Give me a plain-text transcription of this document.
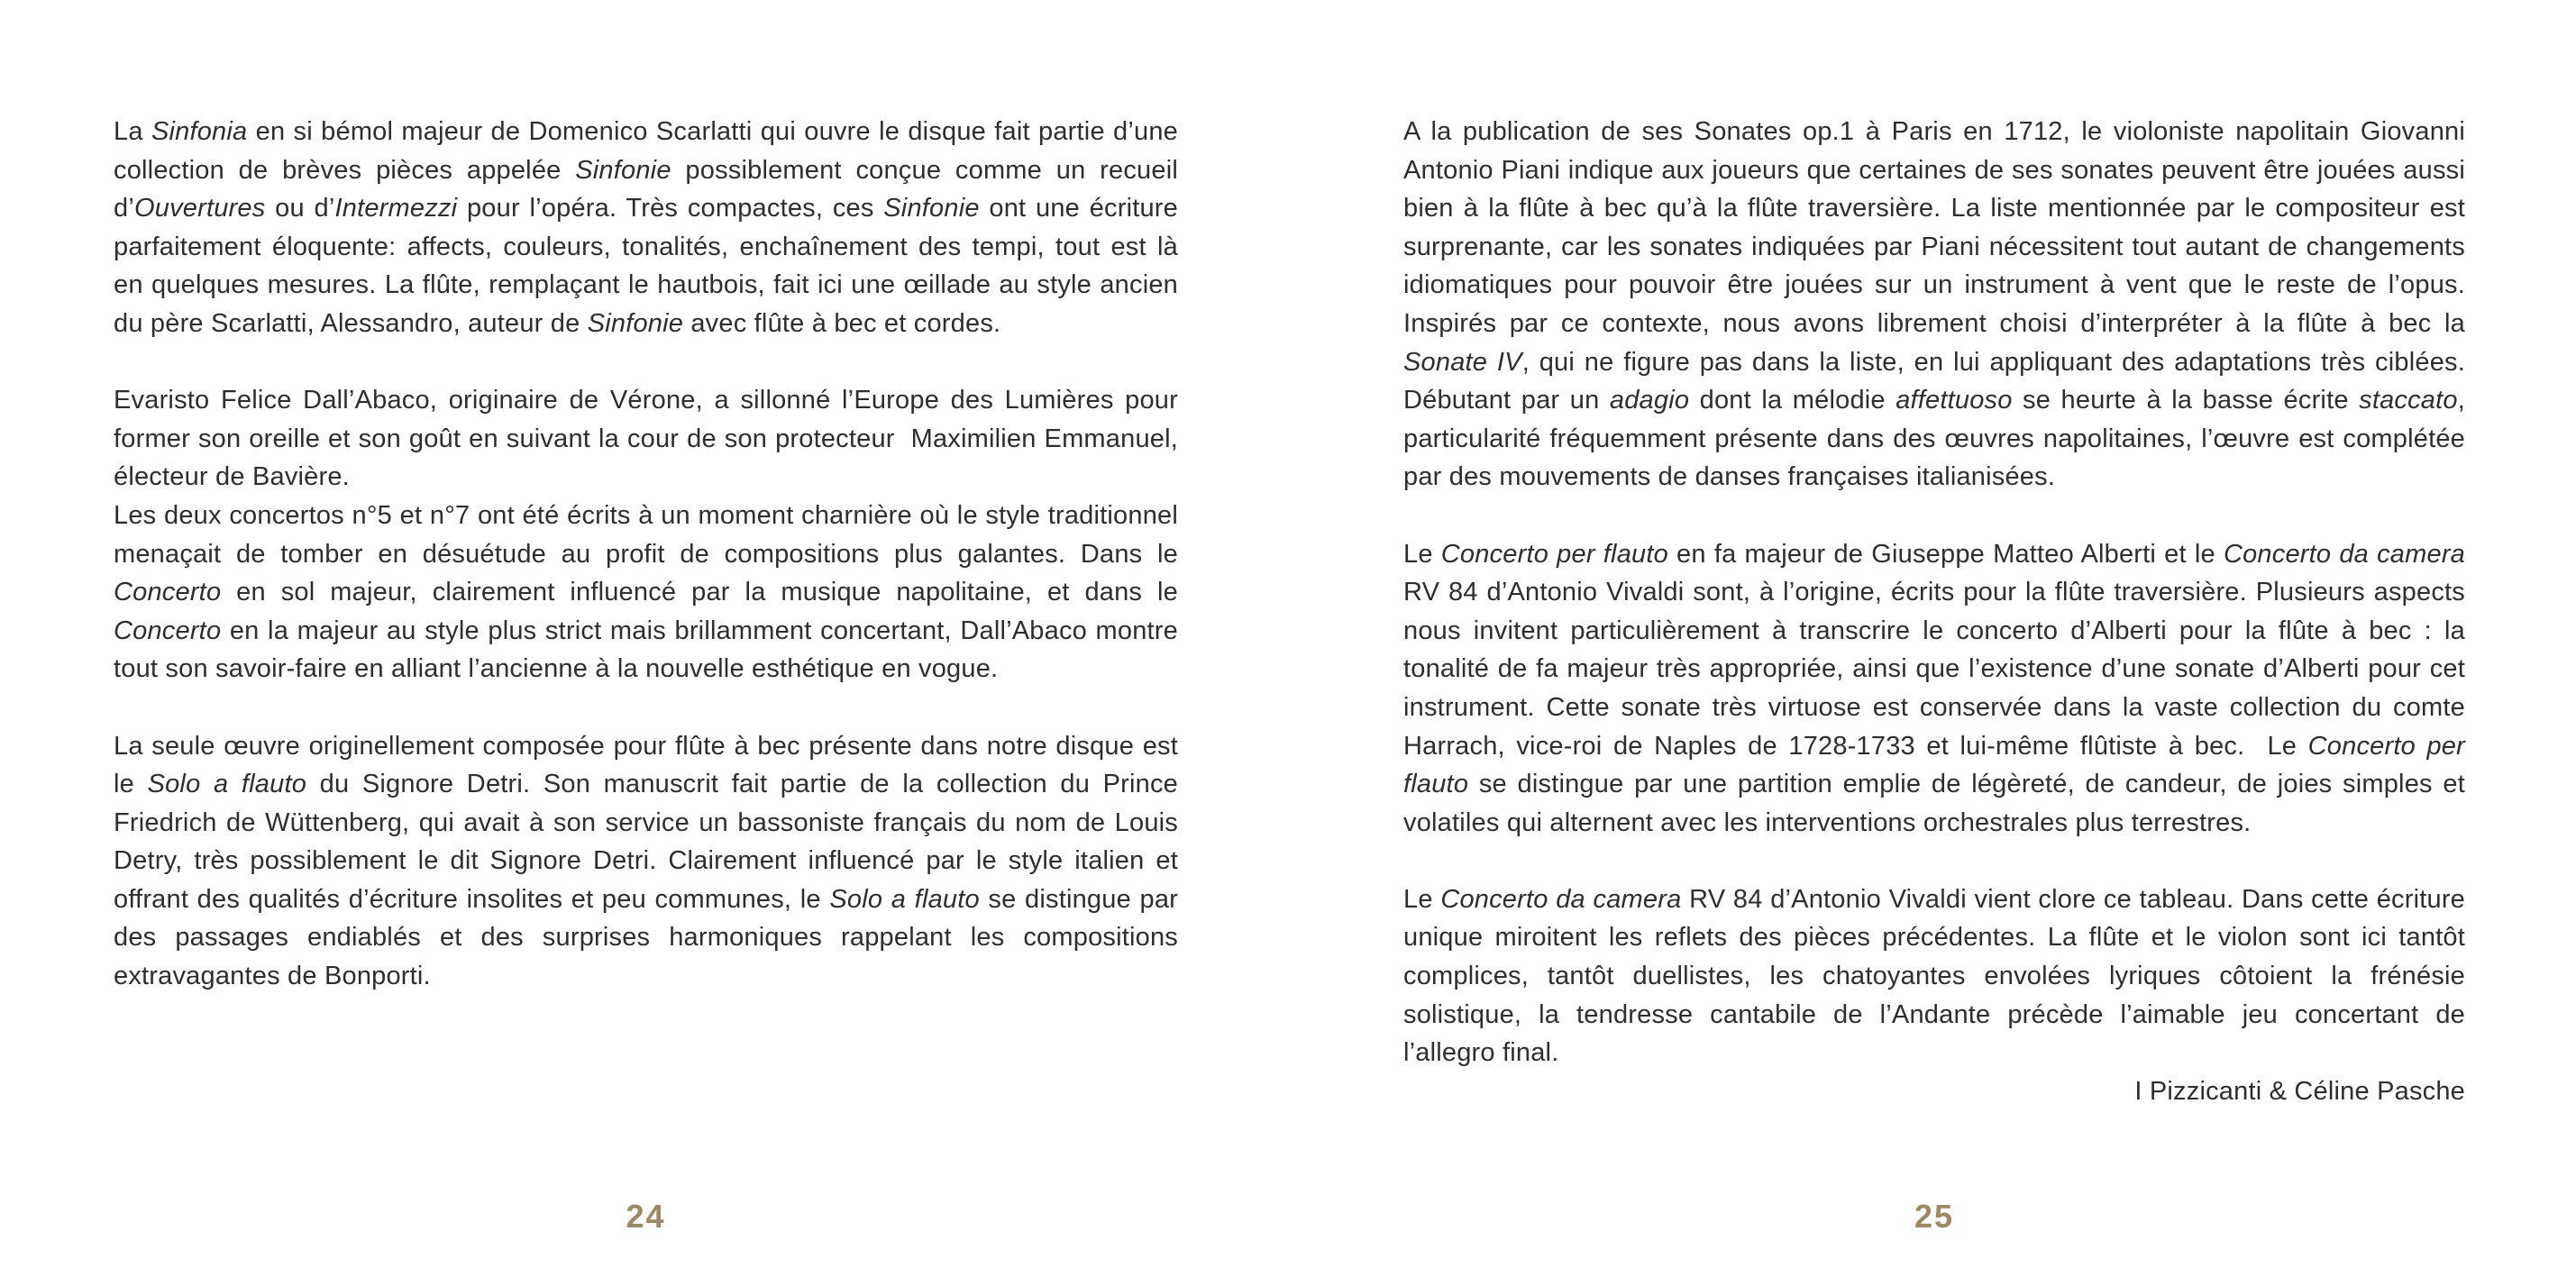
La Sinfonia en si bémol majeur de Domenico Scarlatti qui ouvre le disque fait partie d’une collection de brèves pièces appelée Sinfonie possiblement conçue comme un recueil d’Ouvertures ou d’Intermezzi pour l’opéra. Très compactes, ces Sinfonie ont une écriture parfaitement éloquente: affects, couleurs, tonalités, enchaînement des tempi, tout est là en quelques mesures. La flûte, remplaçant le hautbois, fait ici une œillade au style ancien du père Scarlatti, Alessandro, auteur de Sinfonie avec flûte à bec et cordes.

Evaristo Felice Dall’Abaco, originaire de Vérone, a sillonné l’Europe des Lumières pour former son oreille et son goût en suivant la cour de son protecteur  Maximilien Emmanuel, électeur de Bavière.

Les deux concertos n°5 et n°7 ont été écrits à un moment charnière où le style traditionnel menaçait de tomber en désuétude au profit de compositions plus galantes. Dans le Concerto en sol majeur, clairement influencé par la musique napolitaine, et dans le Concerto en la majeur au style plus strict mais brillamment concertant, Dall’Abaco montre tout son savoir-faire en alliant l’ancienne à la nouvelle esthétique en vogue.

La seule œuvre originellement composée pour flûte à bec présente dans notre disque est le Solo a flauto du Signore Detri. Son manuscrit fait partie de la collection du Prince Friedrich de Wüttenberg, qui avait à son service un bassoniste français du nom de Louis Detry, très possiblement le dit Signore Detri. Clairement influencé par le style italien et offrant des qualités d’écriture insolites et peu communes, le Solo a flauto se distingue par des passages endiablés et des surprises harmoniques rappelant les compositions extravagantes de Bonporti.

A la publication de ses Sonates op.1 à Paris en 1712, le violoniste napolitain Giovanni Antonio Piani indique aux joueurs que certaines de ses sonates peuvent être jouées aussi bien à la flûte à bec qu’à la flûte traversière. La liste mentionnée par le compositeur est surprenante, car les sonates indiquées par Piani nécessitent tout autant de changements idiomatiques pour pouvoir être jouées sur un instrument à vent que le reste de l’opus. Inspirés par ce contexte, nous avons librement choisi d’interpréter à la flûte à bec la Sonate IV, qui ne figure pas dans la liste, en lui appliquant des adaptations très ciblées. Débutant par un adagio dont la mélodie affettuoso se heurte à la basse écrite staccato, particularité fréquemment présente dans des œuvres napolitaines, l’œuvre est complétée par des mouvements de danses françaises italianisées.

Le Concerto per flauto en fa majeur de Giuseppe Matteo Alberti et le Concerto da camera RV 84 d’Antonio Vivaldi sont, à l’origine, écrits pour la flûte traversière. Plusieurs aspects nous invitent particulièrement à transcrire le concerto d’Alberti pour la flûte à bec : la tonalité de fa majeur très appropriée, ainsi que l’existence d’une sonate d’Alberti pour cet instrument. Cette sonate très virtuose est conservée dans la vaste collection du comte Harrach, vice-roi de Naples de 1728-1733 et lui-même flûtiste à bec.  Le Concerto per flauto se distingue par une partition emplie de légèreté, de candeur, de joies simples et volatiles qui alternent avec les interventions orchestrales plus terrestres.

Le Concerto da camera RV 84 d’Antonio Vivaldi vient clore ce tableau. Dans cette écriture unique miroitent les reflets des pièces précédentes. La flûte et le violon sont ici tantôt complices, tantôt duellistes, les chatoyantes envolées lyriques côtoient la frénésie solistique, la tendresse cantabile de l’Andante précède l’aimable jeu concertant de l’allegro final.

I Pizzicanti & Céline Pasche

24	25
